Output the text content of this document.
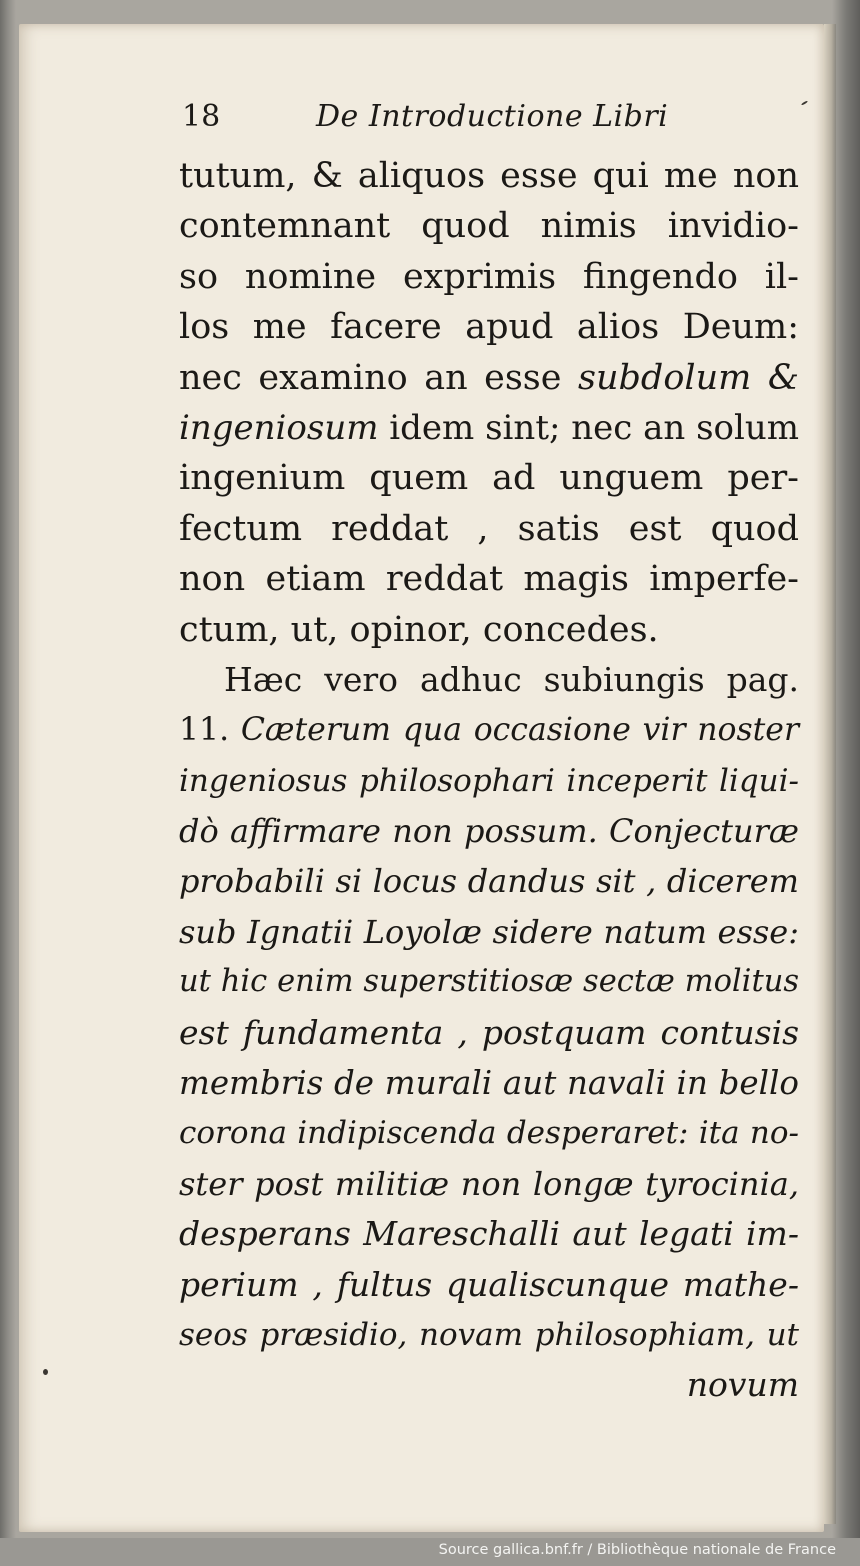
18	De Introductione Libri
tutum, & aliquos esse qui me non
contemnant quod nimis invidio-
so nomine exprimis fingendo il-
los me facere apud alios Deum:
nec examino an esse subdolum &
ingeniosum idem sint; nec an solum
ingenium quem ad unguem per-
fectum reddat , satis est quod
non etiam reddat magis imperfe-
ctum, ut, opinor, concedes.
Hæc vero adhuc subiungis pag.
11. Cæterum qua occasione vir noster
ingeniosus philosophari inceperit liqui-
dò affirmare non possum. Conjecturæ
probabili si locus dandus sit , dicerem
sub Ignatii Loyolæ sidere natum esse:
ut hic enim superstitiosæ sectæ molitus
est fundamenta , postquam contusis
membris de murali aut navali in bello
corona indipiscenda desperaret: ita no-
ster post militiæ non longæ tyrocinia,
desperans Mareschalli aut legati im-
perium , fultus qualiscunque mathe-
seos præsidio, novam philosophiam, ut
novum
Source gallica.bnf.fr / Bibliothèque nationale de France
